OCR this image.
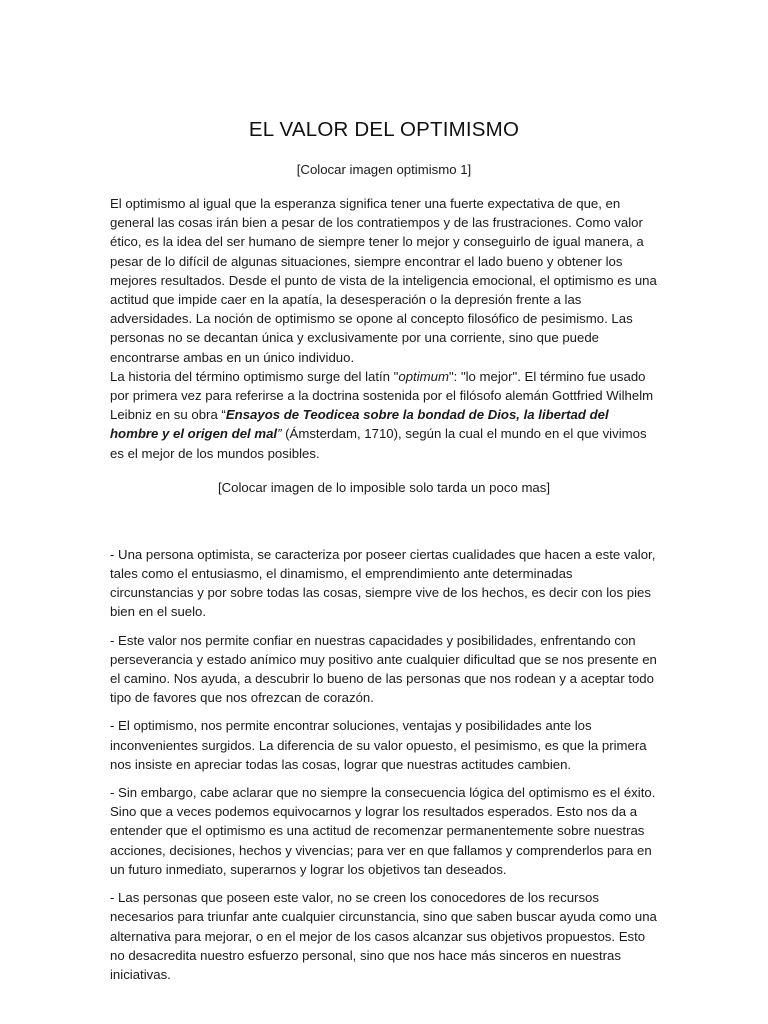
EL VALOR DEL OPTIMISMO

[Colocar imagen optimismo 1]

El optimismo al igual que la esperanza significa tener una fuerte expectativa de que, en general las cosas irán bien a pesar de los contratiempos y de las frustraciones. Como valor ético, es la idea del ser humano de siempre tener lo mejor y conseguirlo de igual manera, a pesar de lo difícil de algunas situaciones, siempre encontrar el lado bueno y obtener los mejores resultados. Desde el punto de vista de la inteligencia emocional, el optimismo es una actitud que impide caer en la apatía, la desesperación o la depresión frente a las adversidades. La noción de optimismo se opone al concepto filosófico de pesimismo. Las personas no se decantan única y exclusivamente por una corriente, sino que puede encontrarse ambas en un único individuo.

La historia del término optimismo surge del latín "optimum": "lo mejor". El término fue usado por primera vez para referirse a la doctrina sostenida por el filósofo alemán Gottfried Wilhelm Leibniz en su obra “Ensayos de Teodicea sobre la bondad de Dios, la libertad del hombre y el origen del mal” (Ámsterdam, 1710), según la cual el mundo en el que vivimos es el mejor de los mundos posibles.

[Colocar imagen de lo imposible solo tarda un poco mas]

- Una persona optimista, se caracteriza por poseer ciertas cualidades que hacen a este valor, tales como el entusiasmo, el dinamismo, el emprendimiento ante determinadas circunstancias y por sobre todas las cosas, siempre vive de los hechos, es decir con los pies bien en el suelo.

- Este valor nos permite confiar en nuestras capacidades y posibilidades, enfrentando con perseverancia y estado anímico muy positivo ante cualquier dificultad que se nos presente en el camino. Nos ayuda, a descubrir lo bueno de las personas que nos rodean y a aceptar todo tipo de favores que nos ofrezcan de corazón.

- El optimismo, nos permite encontrar soluciones, ventajas y posibilidades ante los inconvenientes surgidos. La diferencia de su valor opuesto, el pesimismo, es que la primera nos insiste en apreciar todas las cosas, lograr que nuestras actitudes cambien.

- Sin embargo, cabe aclarar que no siempre la consecuencia lógica del optimismo es el éxito. Sino que a veces podemos equivocarnos y lograr los resultados esperados. Esto nos da a entender que el optimismo es una actitud de recomenzar permanentemente sobre nuestras acciones, decisiones, hechos y vivencias; para ver en que fallamos y comprenderlos para en un futuro inmediato, superarnos y lograr los objetivos tan deseados.

- Las personas que poseen este valor, no se creen los conocedores de los recursos necesarios para triunfar ante cualquier circunstancia, sino que saben buscar ayuda como una alternativa para mejorar, o en el mejor de los casos alcanzar sus objetivos propuestos. Esto no desacredita nuestro esfuerzo personal, sino que nos hace más sinceros en nuestras iniciativas.
